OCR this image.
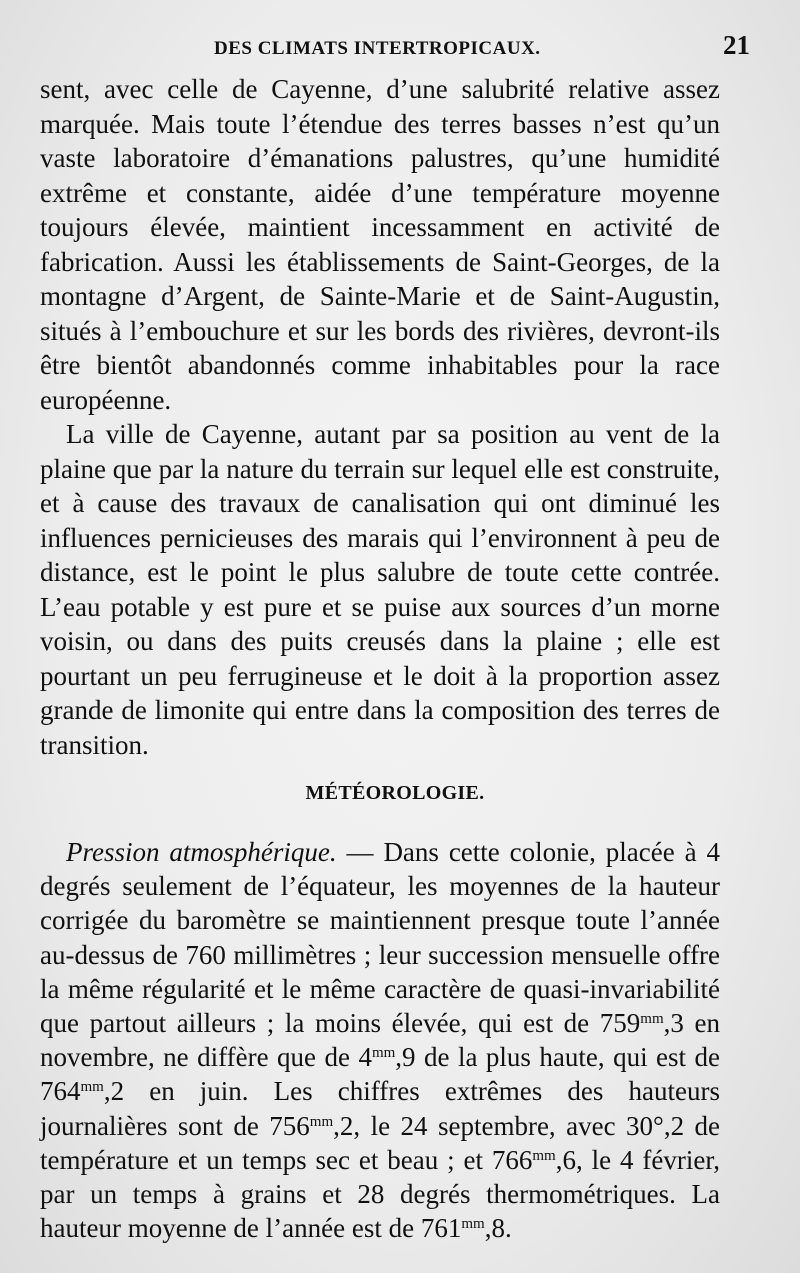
DES CLIMATS INTERTROPICAUX.	21

sent, avec celle de Cayenne, d’une salubrité relative assez marquée. Mais toute l’étendue des terres basses n’est qu’un vaste laboratoire d’émanations palustres, qu’une humidité extrême et constante, aidée d’une température moyenne toujours élevée, maintient incessamment en activité de fabrication. Aussi les établissements de Saint-Georges, de la montagne d’Argent, de Sainte-Marie et de Saint-Augustin, situés à l’embouchure et sur les bords des rivières, devront-ils être bientôt abandonnés comme inhabitables pour la race européenne.

La ville de Cayenne, autant par sa position au vent de la plaine que par la nature du terrain sur lequel elle est construite, et à cause des travaux de canalisation qui ont diminué les influences pernicieuses des marais qui l’environnent à peu de distance, est le point le plus salubre de toute cette contrée. L’eau potable y est pure et se puise aux sources d’un morne voisin, ou dans des puits creusés dans la plaine ; elle est pourtant un peu ferrugineuse et le doit à la proportion assez grande de limonite qui entre dans la composition des terres de transition.

MÉTÉOROLOGIE.

Pression atmosphérique. — Dans cette colonie, placée à 4 degrés seulement de l’équateur, les moyennes de la hauteur corrigée du baromètre se maintiennent presque toute l’année au-dessus de 760 millimètres ; leur succession mensuelle offre la même régularité et le même caractère de quasi-invariabilité que partout ailleurs ; la moins élevée, qui est de $759^{mm},3$ en novembre, ne diffère que de $4^{mm},9$ de la plus haute, qui est de $764^{mm},2$ en juin. Les chiffres extrêmes des hauteurs journalières sont de $756^{mm},2$, le 24 septembre, avec 30°,2 de température et un temps sec et beau ; et $766^{mm},6$, le 4 février, par un temps à grains et 28 degrés thermométriques. La hauteur moyenne de l’année est de $761^{mm},8$.
